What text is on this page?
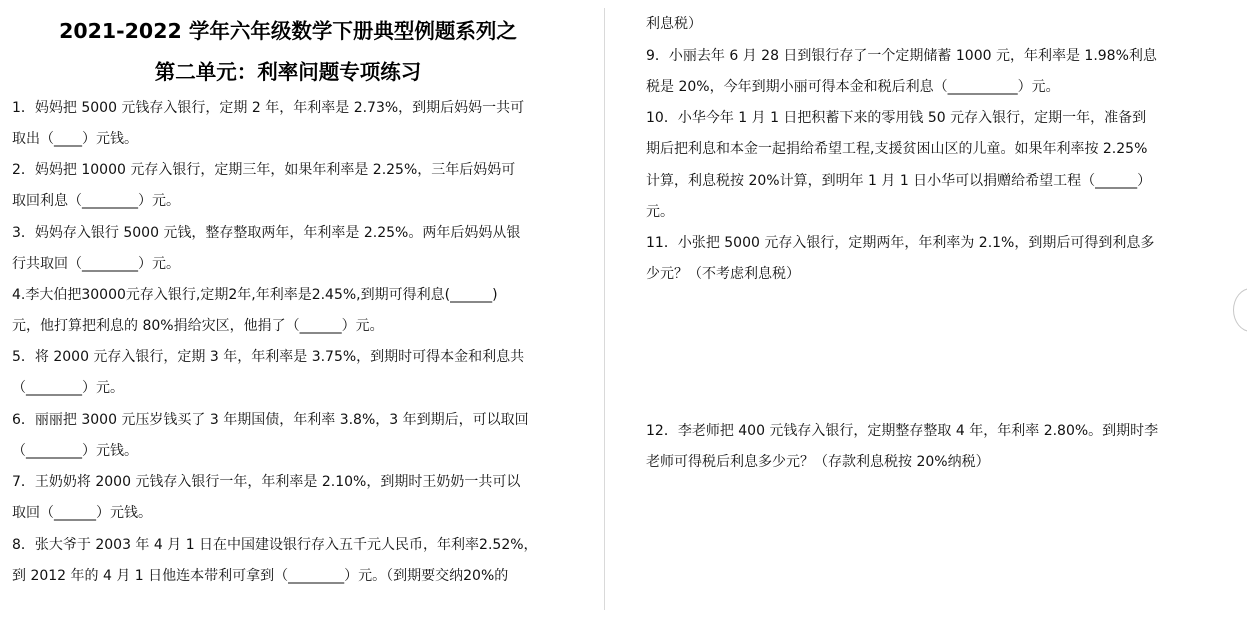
2021-2022 学年六年级数学下册典型例题系列之
第二单元：利率问题专项练习
1．妈妈把 5000 元钱存入银行，定期 2 年，年利率是 2.73%，到期后妈妈一共可
取出（____）元钱。
2．妈妈把 10000 元存入银行，定期三年，如果年利率是 2.25%，三年后妈妈可
取回利息（________）元。
3．妈妈存入银行 5000 元钱，整存整取两年，年利率是 2.25%。两年后妈妈从银
行共取回（________）元。
4.李大伯把30000元存入银行,定期2年,年利率是2.45%,到期可得利息(______)
元，他打算把利息的 80%捐给灾区，他捐了（______）元。
5．将 2000 元存入银行，定期 3 年，年利率是 3.75%，到期时可得本金和利息共
（________）元。
6．丽丽把 3000 元压岁钱买了 3 年期国债，年利率 3.8%，3 年到期后，可以取回
（________）元钱。
7．王奶奶将 2000 元钱存入银行一年，年利率是 2.10%，到期时王奶奶一共可以
取回（______）元钱。
8．张大爷于 2003 年 4 月 1 日在中国建设银行存入五千元人民币，年利率2.52%，
到 2012 年的 4 月 1 日他连本带利可拿到（________）元。（到期要交纳20%的
利息税）
9．小丽去年 6 月 28 日到银行存了一个定期储蓄 1000 元，年利率是 1.98%利息
税是 20%，今年到期小丽可得本金和税后利息（__________）元。
10．小华今年 1 月 1 日把积蓄下来的零用钱 50 元存入银行，定期一年，准备到
期后把利息和本金一起捐给希望工程,支援贫困山区的儿童。如果年利率按 2.25%
计算，利息税按 20%计算，到明年 1 月 1 日小华可以捐赠给希望工程（______）
元。
11．小张把 5000 元存入银行，定期两年，年利率为 2.1%，到期后可得到利息多
少元？（不考虑利息税）
12．李老师把 400 元钱存入银行，定期整存整取 4 年，年利率 2.80%。到期时李
老师可得税后利息多少元？（存款利息税按 20%纳税）
